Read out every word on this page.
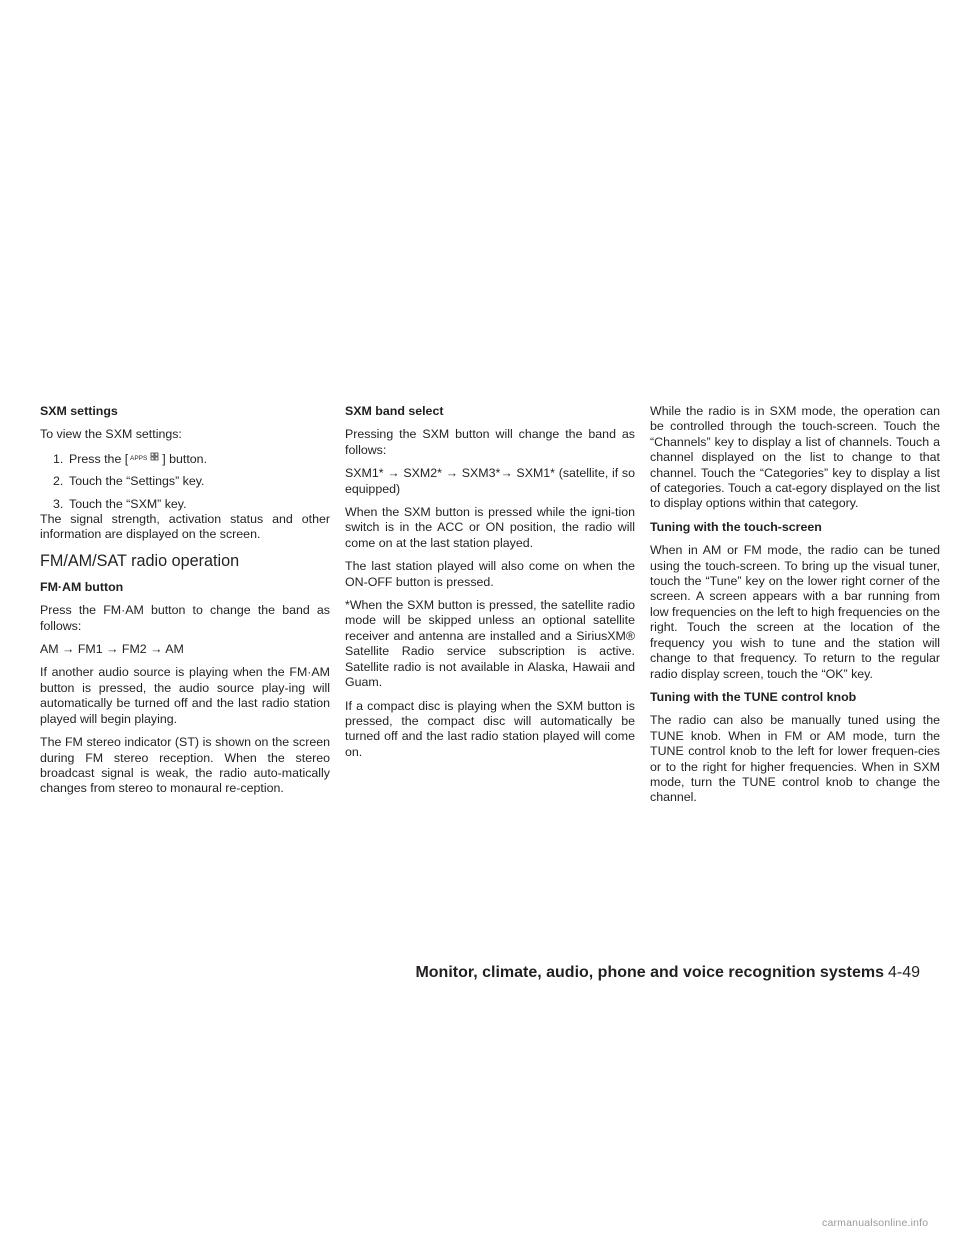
SXM settings
To view the SXM settings:
1. Press the [ APPS ] button.
2. Touch the “Settings” key.
3. Touch the “SXM” key.
The signal strength, activation status and other information are displayed on the screen.
FM/AM/SAT radio operation
FM·AM button
Press the FM·AM button to change the band as follows:
AM → FM1 → FM2 → AM
If another audio source is playing when the FM·AM button is pressed, the audio source play-ing will automatically be turned off and the last radio station played will begin playing.
The FM stereo indicator (ST) is shown on the screen during FM stereo reception. When the stereo broadcast signal is weak, the radio auto-matically changes from stereo to monaural re-ception.
SXM band select
Pressing the SXM button will change the band as follows:
SXM1* → SXM2* → SXM3*→ SXM1* (satellite, if so equipped)
When the SXM button is pressed while the igni-tion switch is in the ACC or ON position, the radio will come on at the last station played.
The last station played will also come on when the ON-OFF button is pressed.
*When the SXM button is pressed, the satellite radio mode will be skipped unless an optional satellite receiver and antenna are installed and a SiriusXM® Satellite Radio service subscription is active. Satellite radio is not available in Alaska, Hawaii and Guam.
If a compact disc is playing when the SXM button is pressed, the compact disc will automatically be turned off and the last radio station played will come on.
While the radio is in SXM mode, the operation can be controlled through the touch-screen. Touch the “Channels” key to display a list of channels. Touch a channel displayed on the list to change to that channel. Touch the “Categories” key to display a list of categories. Touch a cat-egory displayed on the list to display options within that category.
Tuning with the touch-screen
When in AM or FM mode, the radio can be tuned using the touch-screen. To bring up the visual tuner, touch the “Tune” key on the lower right corner of the screen. A screen appears with a bar running from low frequencies on the left to high frequencies on the right. Touch the screen at the location of the frequency you wish to tune and the station will change to that frequency. To return to the regular radio display screen, touch the “OK” key.
Tuning with the TUNE control knob
The radio can also be manually tuned using the TUNE knob. When in FM or AM mode, turn the TUNE control knob to the left for lower frequen-cies or to the right for higher frequencies. When in SXM mode, turn the TUNE control knob to change the channel.
Monitor, climate, audio, phone and voice recognition systems 4-49
carmanualsonline.info
